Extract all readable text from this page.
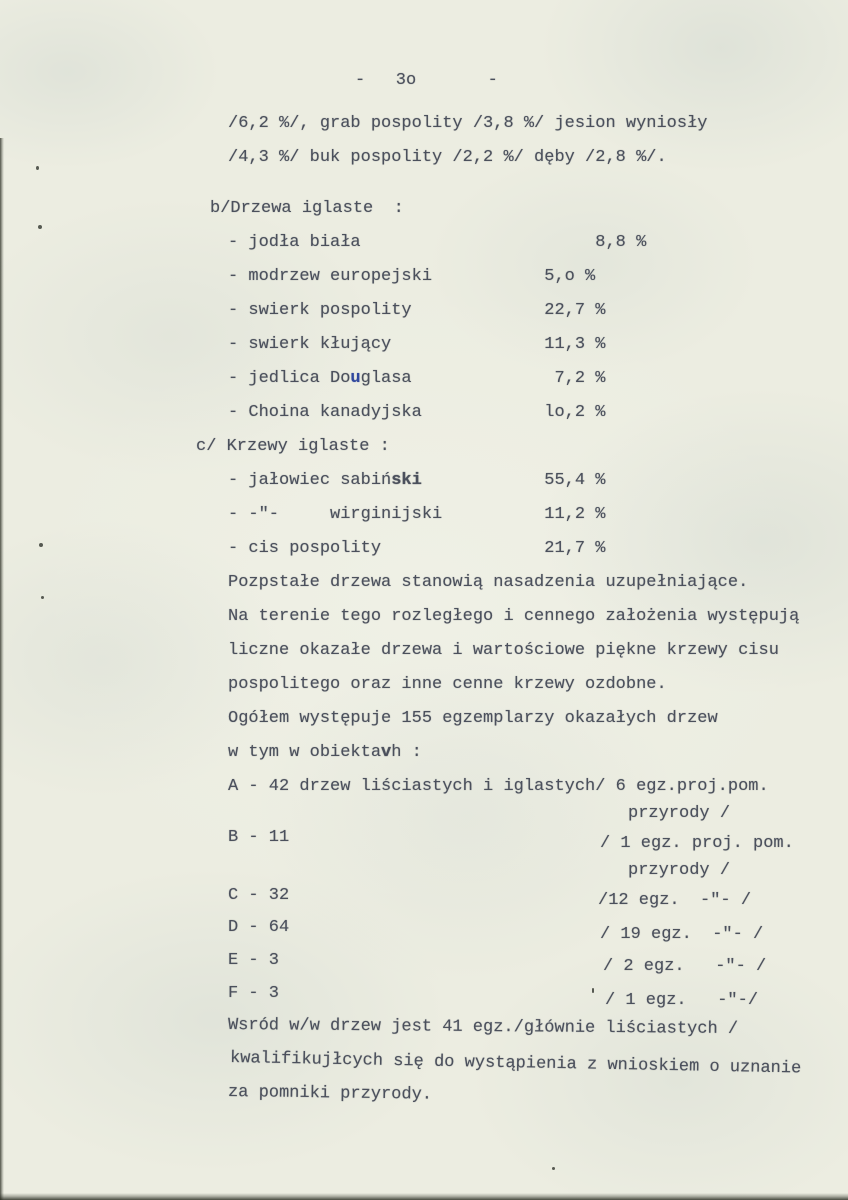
-   3o       -
/6,2 %/, grab pospolity /3,8 %/ jesion wyniosły
/4,3 %/ buk pospolity /2,2 %/ dęby /2,8 %/.
b/Drzewa iglaste  :
- jodła biała                       8,8 %
- modrzew europejski           5,o %
- swierk pospolity             22,7 %
- swierk kłujący               11,3 %
- jedlica Douglasa              7,2 %
- Choina kanadyjska            lo,2 %
c/ Krzewy iglaste :
- jałowiec sabiński            55,4 %
- -"-     wirginijski          11,2 %
- cis pospolity                21,7 %
Pozpstałe drzewa stanowią nasadzenia uzupełniające.
Na terenie tego rozległego i cennego założenia występują
liczne okazałe drzewa i wartościowe piękne krzewy cisu
pospolitego oraz inne cenne krzewy ozdobne.
Ogółem występuje 155 egzemplarzy okazałych drzew
w tym w obiektavh :
A - 42 drzew liściastych i iglastych/ 6 egz.proj.pom.
przyrody /
B - 11	/ 1 egz. proj. pom.
przyrody /
C - 32	/12 egz.  -"- /
D - 64	/ 19 egz.  -"- /
E - 3	/ 2 egz.   -"- /
F - 3	/ 1 egz.   -"-/
Wsród w/w drzew jest 41 egz./głównie liściastych /
kwalifikujłcych się do wystąpienia z wnioskiem o uznanie
za pomniki przyrody.
